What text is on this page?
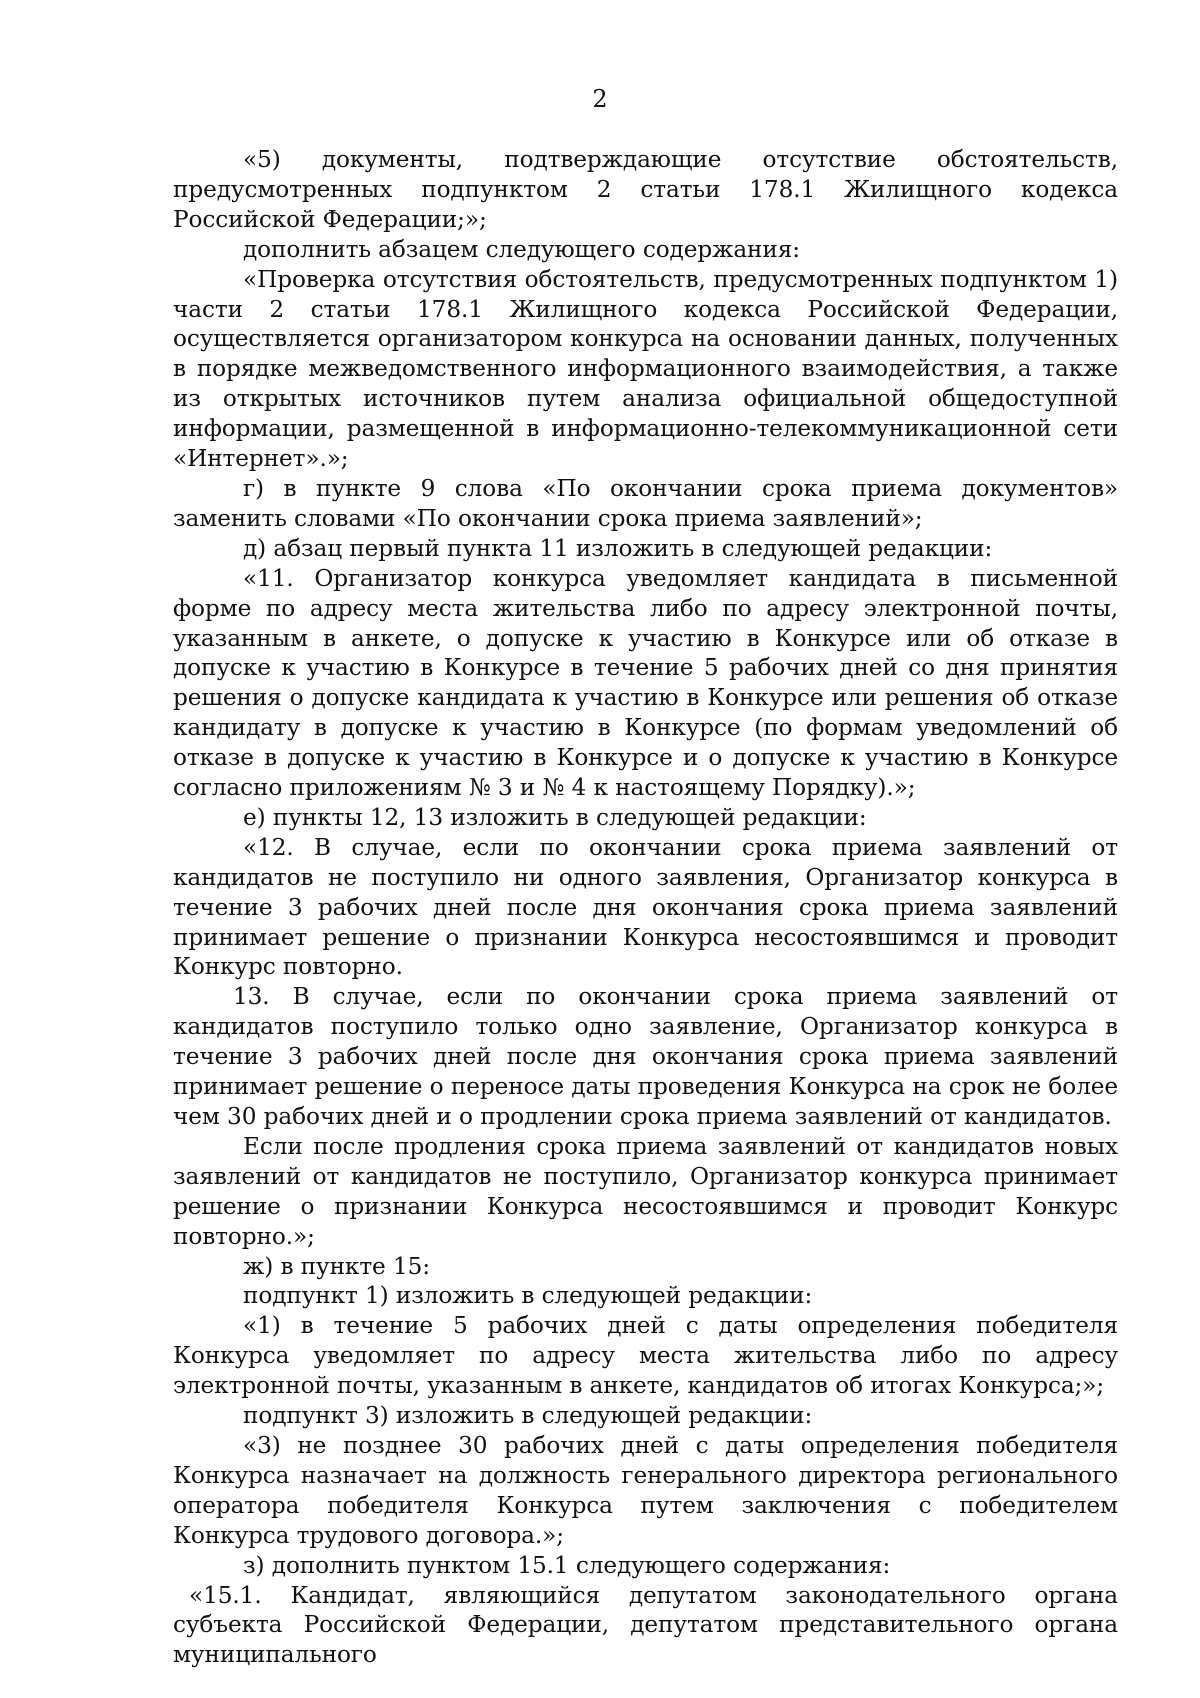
2

«5) документы, подтверждающие отсутствие обстоятельств, предусмотренных подпунктом 2 статьи 178.1 Жилищного кодекса Российской Федерации;»;

дополнить абзацем следующего содержания:

«Проверка отсутствия обстоятельств, предусмотренных подпунктом 1) части 2 статьи 178.1 Жилищного кодекса Российской Федерации, осуществляется организатором конкурса на основании данных, полученных в порядке межведомственного информационного взаимодействия, а также из открытых источников путем анализа официальной общедоступной информации, размещенной в информационно-телекоммуникационной сети «Интернет».»;

г) в пункте 9 слова «По окончании срока приема документов» заменить словами «По окончании срока приема заявлений»;

д) абзац первый пункта 11 изложить в следующей редакции:

«11. Организатор конкурса уведомляет кандидата в письменной форме по адресу места жительства либо по адресу электронной почты, указанным в анкете, о допуске к участию в Конкурсе или об отказе в допуске к участию в Конкурсе в течение 5 рабочих дней со дня принятия решения о допуске кандидата к участию в Конкурсе или решения об отказе кандидату в допуске к участию в Конкурсе (по формам уведомлений об отказе в допуске к участию в Конкурсе и о допуске к участию в Конкурсе согласно приложениям № 3 и № 4 к настоящему Порядку).»;

е) пункты 12, 13 изложить в следующей редакции:

«12. В случае, если по окончании срока приема заявлений от кандидатов не поступило ни одного заявления, Организатор конкурса в течение 3 рабочих дней после дня окончания срока приема заявлений принимает решение о признании Конкурса несостоявшимся и проводит Конкурс повторно.

13. В случае, если по окончании срока приема заявлений от кандидатов поступило только одно заявление, Организатор конкурса в течение 3 рабочих дней после дня окончания срока приема заявлений принимает решение о переносе даты проведения Конкурса на срок не более чем 30 рабочих дней и о продлении срока приема заявлений от кандидатов.

Если после продления срока приема заявлений от кандидатов новых заявлений от кандидатов не поступило, Организатор конкурса принимает решение о признании Конкурса несостоявшимся и проводит Конкурс повторно.»;

ж) в пункте 15:

подпункт 1) изложить в следующей редакции:

«1) в течение 5 рабочих дней с даты определения победителя Конкурса уведомляет по адресу места жительства либо по адресу электронной почты, указанным в анкете, кандидатов об итогах Конкурса;»;

подпункт 3) изложить в следующей редакции:

«3) не позднее 30 рабочих дней с даты определения победителя Конкурса назначает на должность генерального директора регионального оператора победителя Конкурса путем заключения с победителем Конкурса трудового договора.»;

з) дополнить пунктом 15.1 следующего содержания:

«15.1. Кандидат, являющийся депутатом законодательного органа субъекта Российской Федерации, депутатом представительного органа муниципального
